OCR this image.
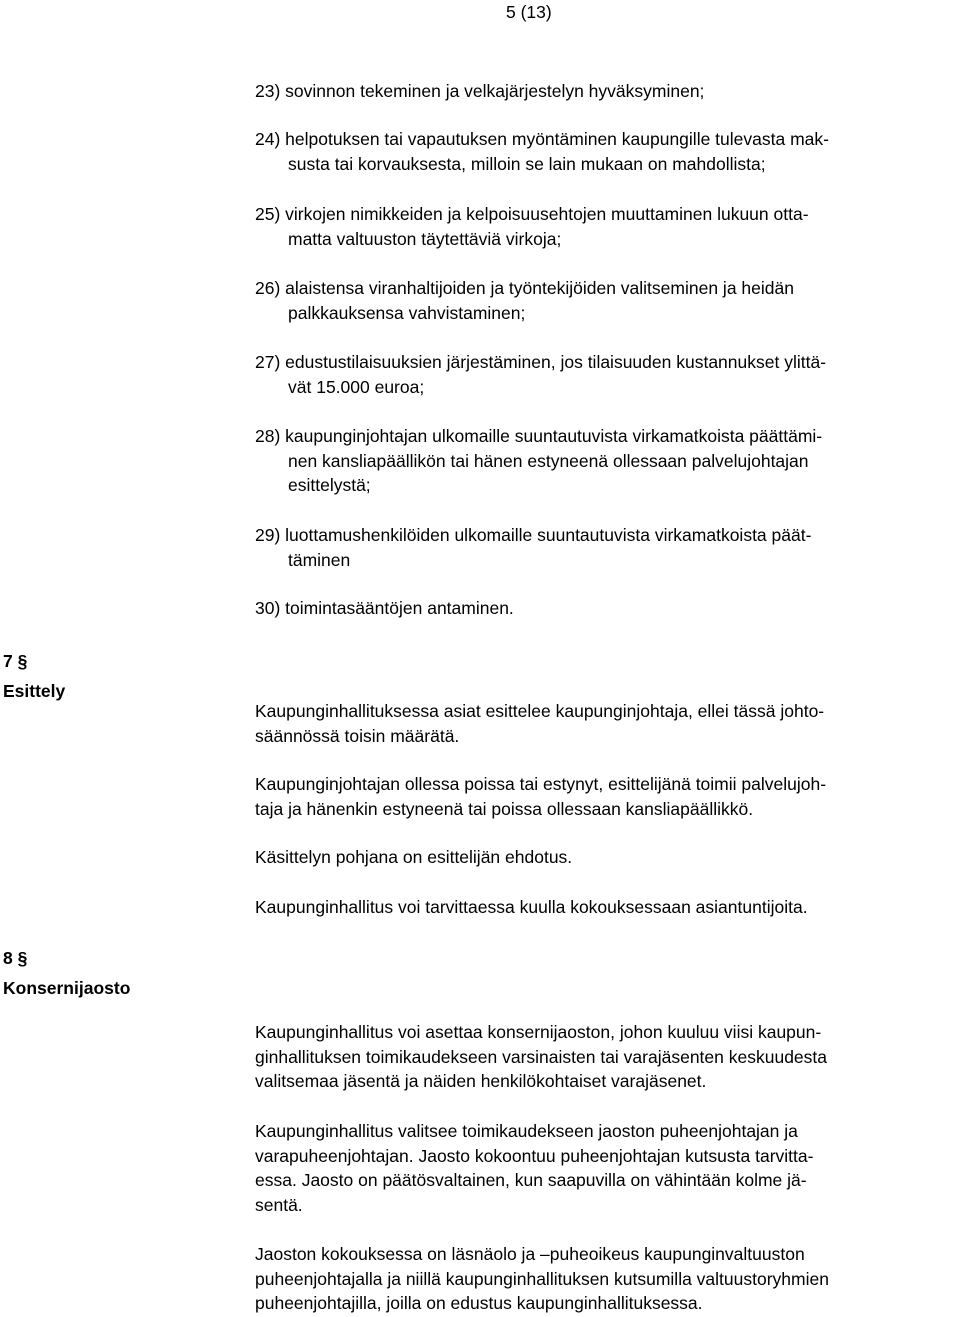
5 (13)
23) sovinnon tekeminen ja velkajärjestelyn hyväksyminen;
24) helpotuksen tai vapautuksen myöntäminen kaupungille tulevasta mak-
susta tai korvauksesta, milloin se lain mukaan on mahdollista;
25) virkojen nimikkeiden ja kelpoisuusehtojen muuttaminen lukuun otta-
matta valtuuston täytettäviä virkoja;
26) alaistensa viranhaltijoiden ja työntekijöiden valitseminen ja heidän
palkkauksensa vahvistaminen;
27) edustustilaisuuksien järjestäminen, jos tilaisuuden kustannukset ylittä-
vät 15.000 euroa;
28) kaupunginjohtajan ulkomaille suuntautuvista virkamatkoista päättämi-
nen kansliapäällikön tai hänen estyneenä ollessaan palvelujohtajan
esittelystä;
29) luottamushenkilöiden ulkomaille suuntautuvista virkamatkoista päät-
täminen
30) toimintasääntöjen antaminen.
7 §
Esittely
Kaupunginhallituksessa asiat esittelee kaupunginjohtaja, ellei tässä johto-
säännössä toisin määrätä.
Kaupunginjohtajan ollessa poissa tai estynyt, esittelijänä toimii palvelujoh-
taja ja hänenkin estyneenä tai poissa ollessaan kansliapäällikkö.
Käsittelyn pohjana on esittelijän ehdotus.
Kaupunginhallitus voi tarvittaessa kuulla kokouksessaan asiantuntijoita.
8 §
Konsernijaosto
Kaupunginhallitus voi asettaa konsernijaoston, johon kuuluu viisi kaupun-
ginhallituksen toimikaudekseen varsinaisten tai varajäsenten keskuudesta
valitsemaa jäsentä ja näiden henkilökohtaiset varajäsenet.
Kaupunginhallitus valitsee toimikaudekseen jaoston puheenjohtajan ja
varapuheenjohtajan. Jaosto kokoontuu puheenjohtajan kutsusta tarvitta-
essa. Jaosto on päätösvaltainen, kun saapuvilla on vähintään kolme jä-
sentä.
Jaoston kokouksessa on läsnäolo ja –puheoikeus kaupunginvaltuuston
puheenjohtajalla ja niillä kaupunginhallituksen kutsumilla valtuustoryhmien
puheenjohtajilla, joilla on edustus kaupunginhallituksessa.
